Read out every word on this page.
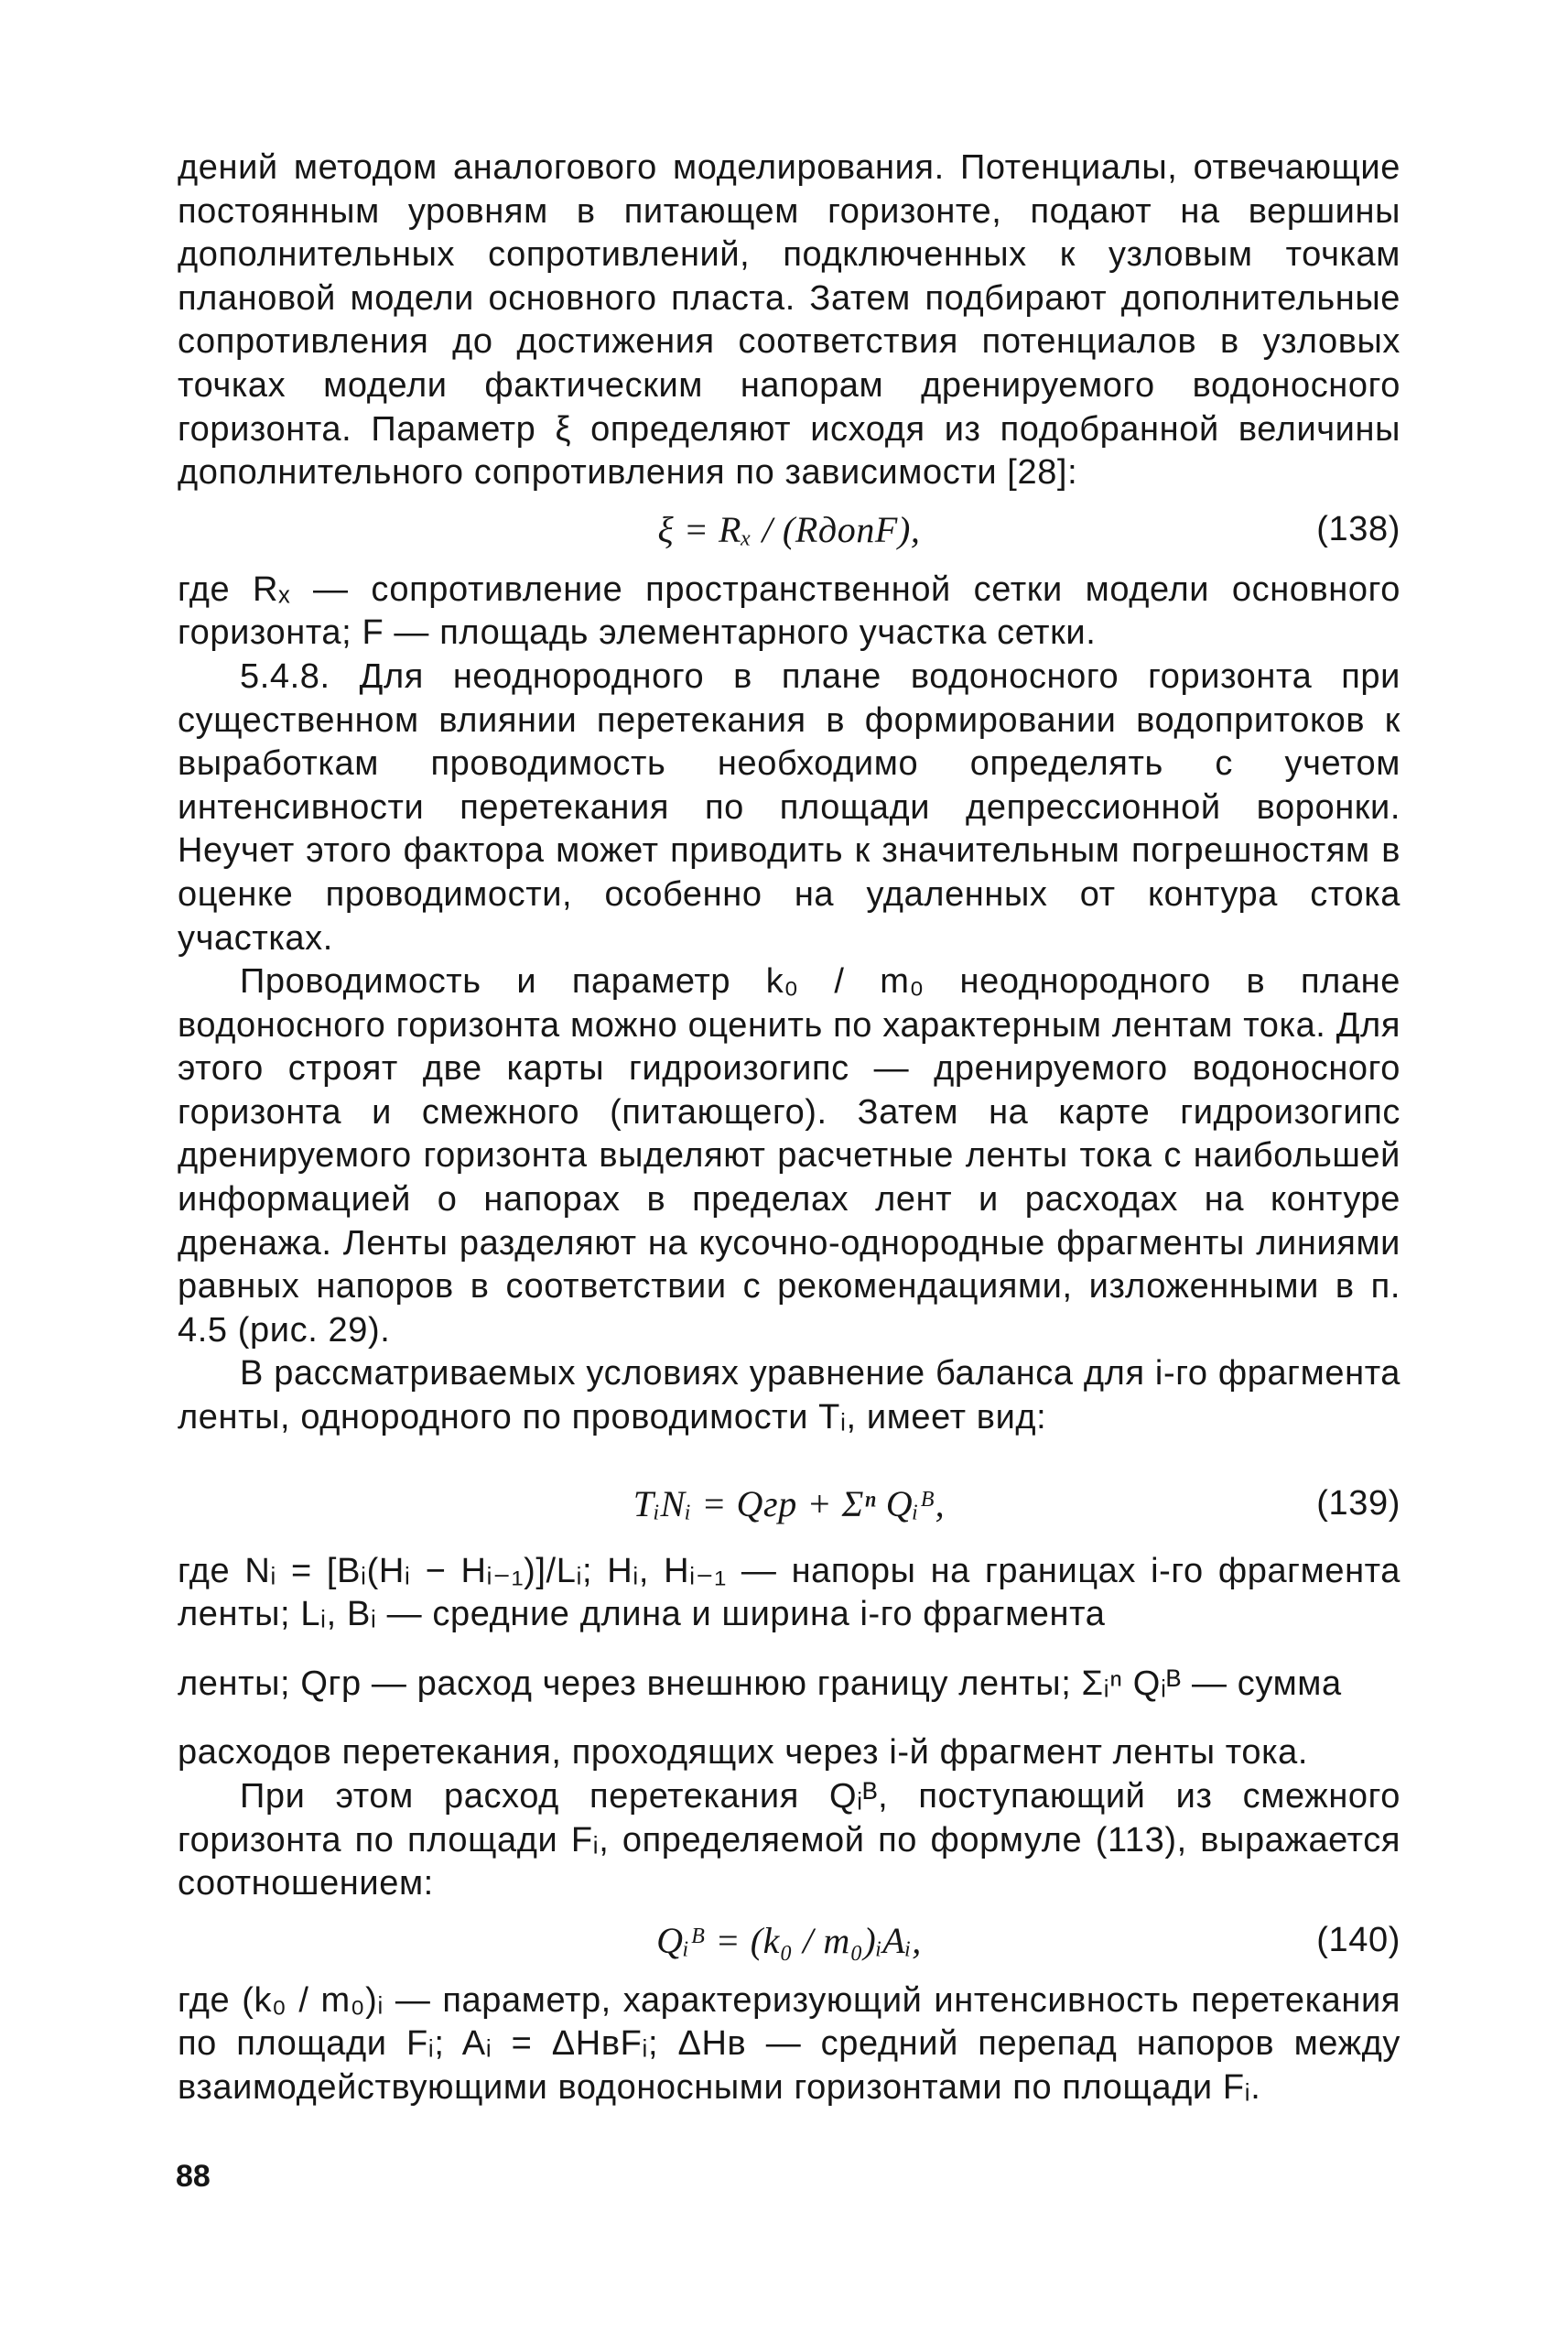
дений методом аналогового моделирования. Потенциалы, отвечающие постоянным уровням в питающем горизонте, подают на вершины дополнительных сопротивлений, подключенных к узловым точкам плановой модели основного пласта. Затем подбирают дополнительные сопротивления до достижения соответствия потенциалов в узловых точках модели фактическим напорам дренируемого водоносного горизонта. Параметр ξ определяют исходя из подобранной величины дополнительного сопротивления по зависимости [28]:

ξ = Rₓ / (RдопF),	(138)

где Rₓ — сопротивление пространственной сетки модели основного горизонта; F — площадь элементарного участка сетки.

5.4.8. Для неоднородного в плане водоносного горизонта при существенном влиянии перетекания в формировании водопритоков к выработкам проводимость необходимо определять с учетом интенсивности перетекания по площади депрессионной воронки. Неучет этого фактора может приводить к значительным погрешностям в оценке проводимости, особенно на удаленных от контура стока участках.

Проводимость и параметр k₀ / m₀ неоднородного в плане водоносного горизонта можно оценить по характерным лентам тока. Для этого строят две карты гидроизогипс — дренируемого водоносного горизонта и смежного (питающего). Затем на карте гидроизогипс дренируемого горизонта выделяют расчетные ленты тока с наибольшей информацией о напорах в пределах лент и расходах на контуре дренажа. Ленты разделяют на кусочно-однородные фрагменты линиями равных напоров в соответствии с рекомендациями, изложенными в п. 4.5 (рис. 29).

В рассматриваемых условиях уравнение баланса для i-го фрагмента ленты, однородного по проводимости Tᵢ, имеет вид:

TᵢNᵢ = Qгр + Σⁿ Qᵢᴮ,	(139)

где Nᵢ = [Bᵢ(Hᵢ − Hᵢ₋₁)]/Lᵢ; Hᵢ, Hᵢ₋₁ — напоры на границах i-го фрагмента ленты; Lᵢ, Bᵢ — средние длина и ширина i-го фрагмента

ленты; Qгр — расход через внешнюю границу ленты; Σᵢⁿ Qᵢᴮ — сумма

расходов перетекания, проходящих через i-й фрагмент ленты тока.

При этом расход перетекания Qᵢᴮ, поступающий из смежного горизонта по площади Fᵢ, определяемой по формуле (113), выражается соотношением:

Qᵢᴮ = (k₀ / m₀)ᵢAᵢ,	(140)

где (k₀ / m₀)ᵢ — параметр, характеризующий интенсивность перетекания по площади Fᵢ; Aᵢ = ΔHʙFᵢ; ΔHʙ — средний перепад напоров между взаимодействующими водоносными горизонтами по площади Fᵢ.

88
